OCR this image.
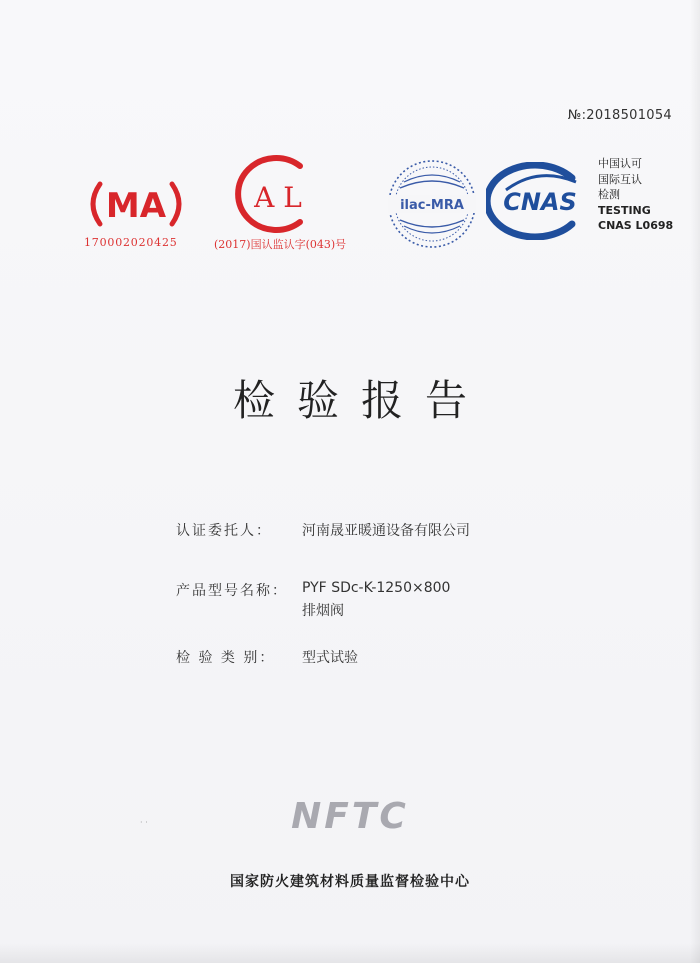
№:2018501054
MA
170002020425
A L
(2017)国认监认字(043)号
ilac-MRA CNAS
中国认可
国际互认
检测
TESTING
CNAS L0698
检验报告
认证委托人： 河南晟亚暖通设备有限公司
产品型号名称： PYF SDc-K-1250×800
排烟阀
检 验 类 别： 型式试验
· ·	NFTC
国家防火建筑材料质量监督检验中心
